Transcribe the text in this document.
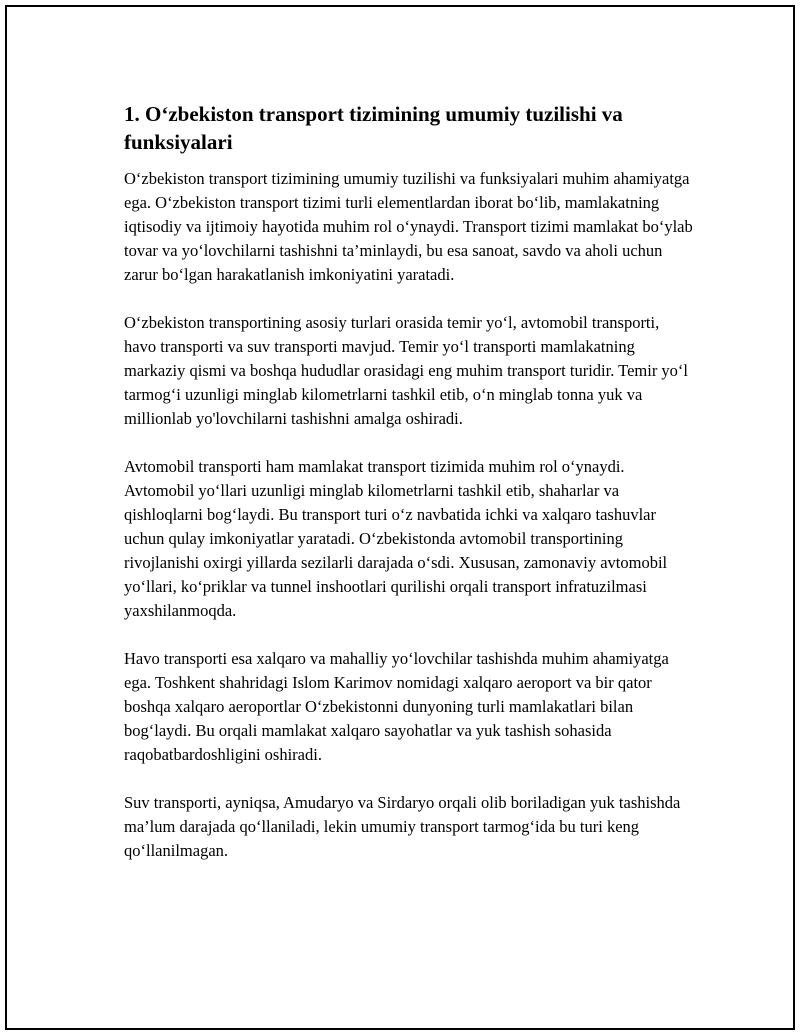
1. O‘zbekiston transport tizimining umumiy tuzilishi va funksiyalari

O‘zbekiston transport tizimining umumiy tuzilishi va funksiyalari muhim ahamiyatga ega. O‘zbekiston transport tizimi turli elementlardan iborat bo‘lib, mamlakatning iqtisodiy va ijtimoiy hayotida muhim rol o‘ynaydi. Transport tizimi mamlakat bo‘ylab tovar va yo‘lovchilarni tashishni ta’minlaydi, bu esa sanoat, savdo va aholi uchun zarur bo‘lgan harakatlanish imkoniyatini yaratadi.

O‘zbekiston transportining asosiy turlari orasida temir yo‘l, avtomobil transporti, havo transporti va suv transporti mavjud. Temir yo‘l transporti mamlakatning markaziy qismi va boshqa hududlar orasidagi eng muhim transport turidir. Temir yo‘l tarmog‘i uzunligi minglab kilometrlarni tashkil etib, o‘n minglab tonna yuk va millionlab yo'lovchilarni tashishni amalga oshiradi.

Avtomobil transporti ham mamlakat transport tizimida muhim rol o‘ynaydi. Avtomobil yo‘llari uzunligi minglab kilometrlarni tashkil etib, shaharlar va qishloqlarni bog‘laydi. Bu transport turi o‘z navbatida ichki va xalqaro tashuvlar uchun qulay imkoniyatlar yaratadi. O‘zbekistonda avtomobil transportining rivojlanishi oxirgi yillarda sezilarli darajada o‘sdi. Xususan, zamonaviy avtomobil yo‘llari, ko‘priklar va tunnel inshootlari qurilishi orqali transport infratuzilmasi yaxshilanmoqda.

Havo transporti esa xalqaro va mahalliy yo‘lovchilar tashishda muhim ahamiyatga ega. Toshkent shahridagi Islom Karimov nomidagi xalqaro aeroport va bir qator boshqa xalqaro aeroportlar O‘zbekistonni dunyoning turli mamlakatlari bilan bog‘laydi. Bu orqali mamlakat xalqaro sayohatlar va yuk tashish sohasida raqobatbardoshligini oshiradi.

Suv transporti, ayniqsa, Amudaryo va Sirdaryo orqali olib boriladigan yuk tashishda ma’lum darajada qo‘llaniladi, lekin umumiy transport tarmog‘ida bu turi keng qo‘llanilmagan.
